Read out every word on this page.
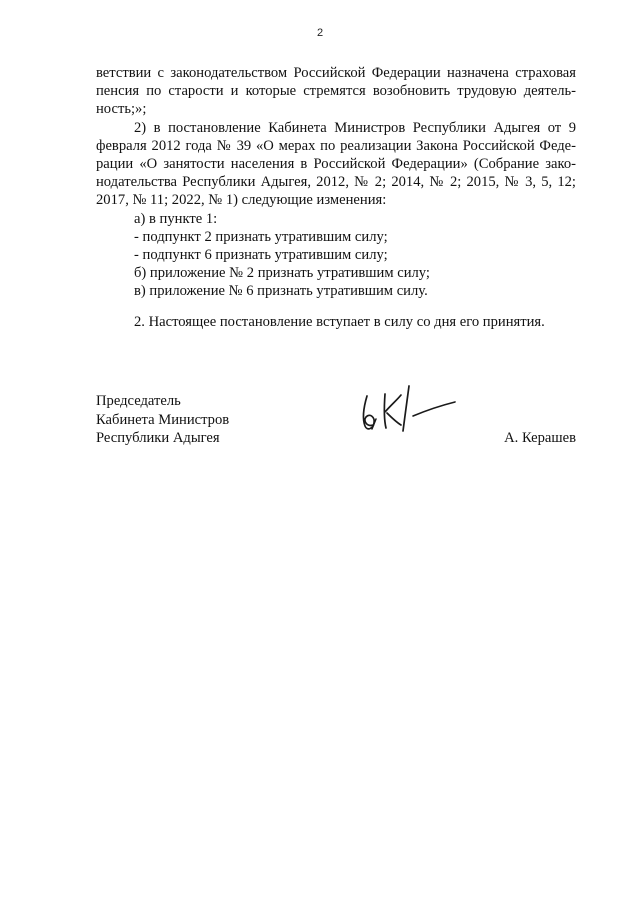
2

ветствии с законодательством Российской Федерации назначена страховая

пенсия по старости и которые стремятся возобновить трудовую деятель-

ность;»;

2) в постановление Кабинета Министров Республики Адыгея от 9

февраля 2012 года № 39 «О мерах по реализации Закона Российской Феде-

рации «О занятости населения в Российской Федерации» (Собрание зако-

нодательства Республики Адыгея, 2012, № 2; 2014, № 2; 2015, № 3, 5, 12;

2017, № 11; 2022, № 1) следующие изменения:

а) в пункте 1:

- подпункт 2 признать утратившим силу;

- подпункт 6 признать утратившим силу;

б) приложение № 2 признать утратившим силу;

в) приложение № 6 признать утратившим силу.

2. Настоящее постановление вступает в силу со дня его принятия.

Председатель
Кабинета Министров
Республики Адыгея	А. Керашев
